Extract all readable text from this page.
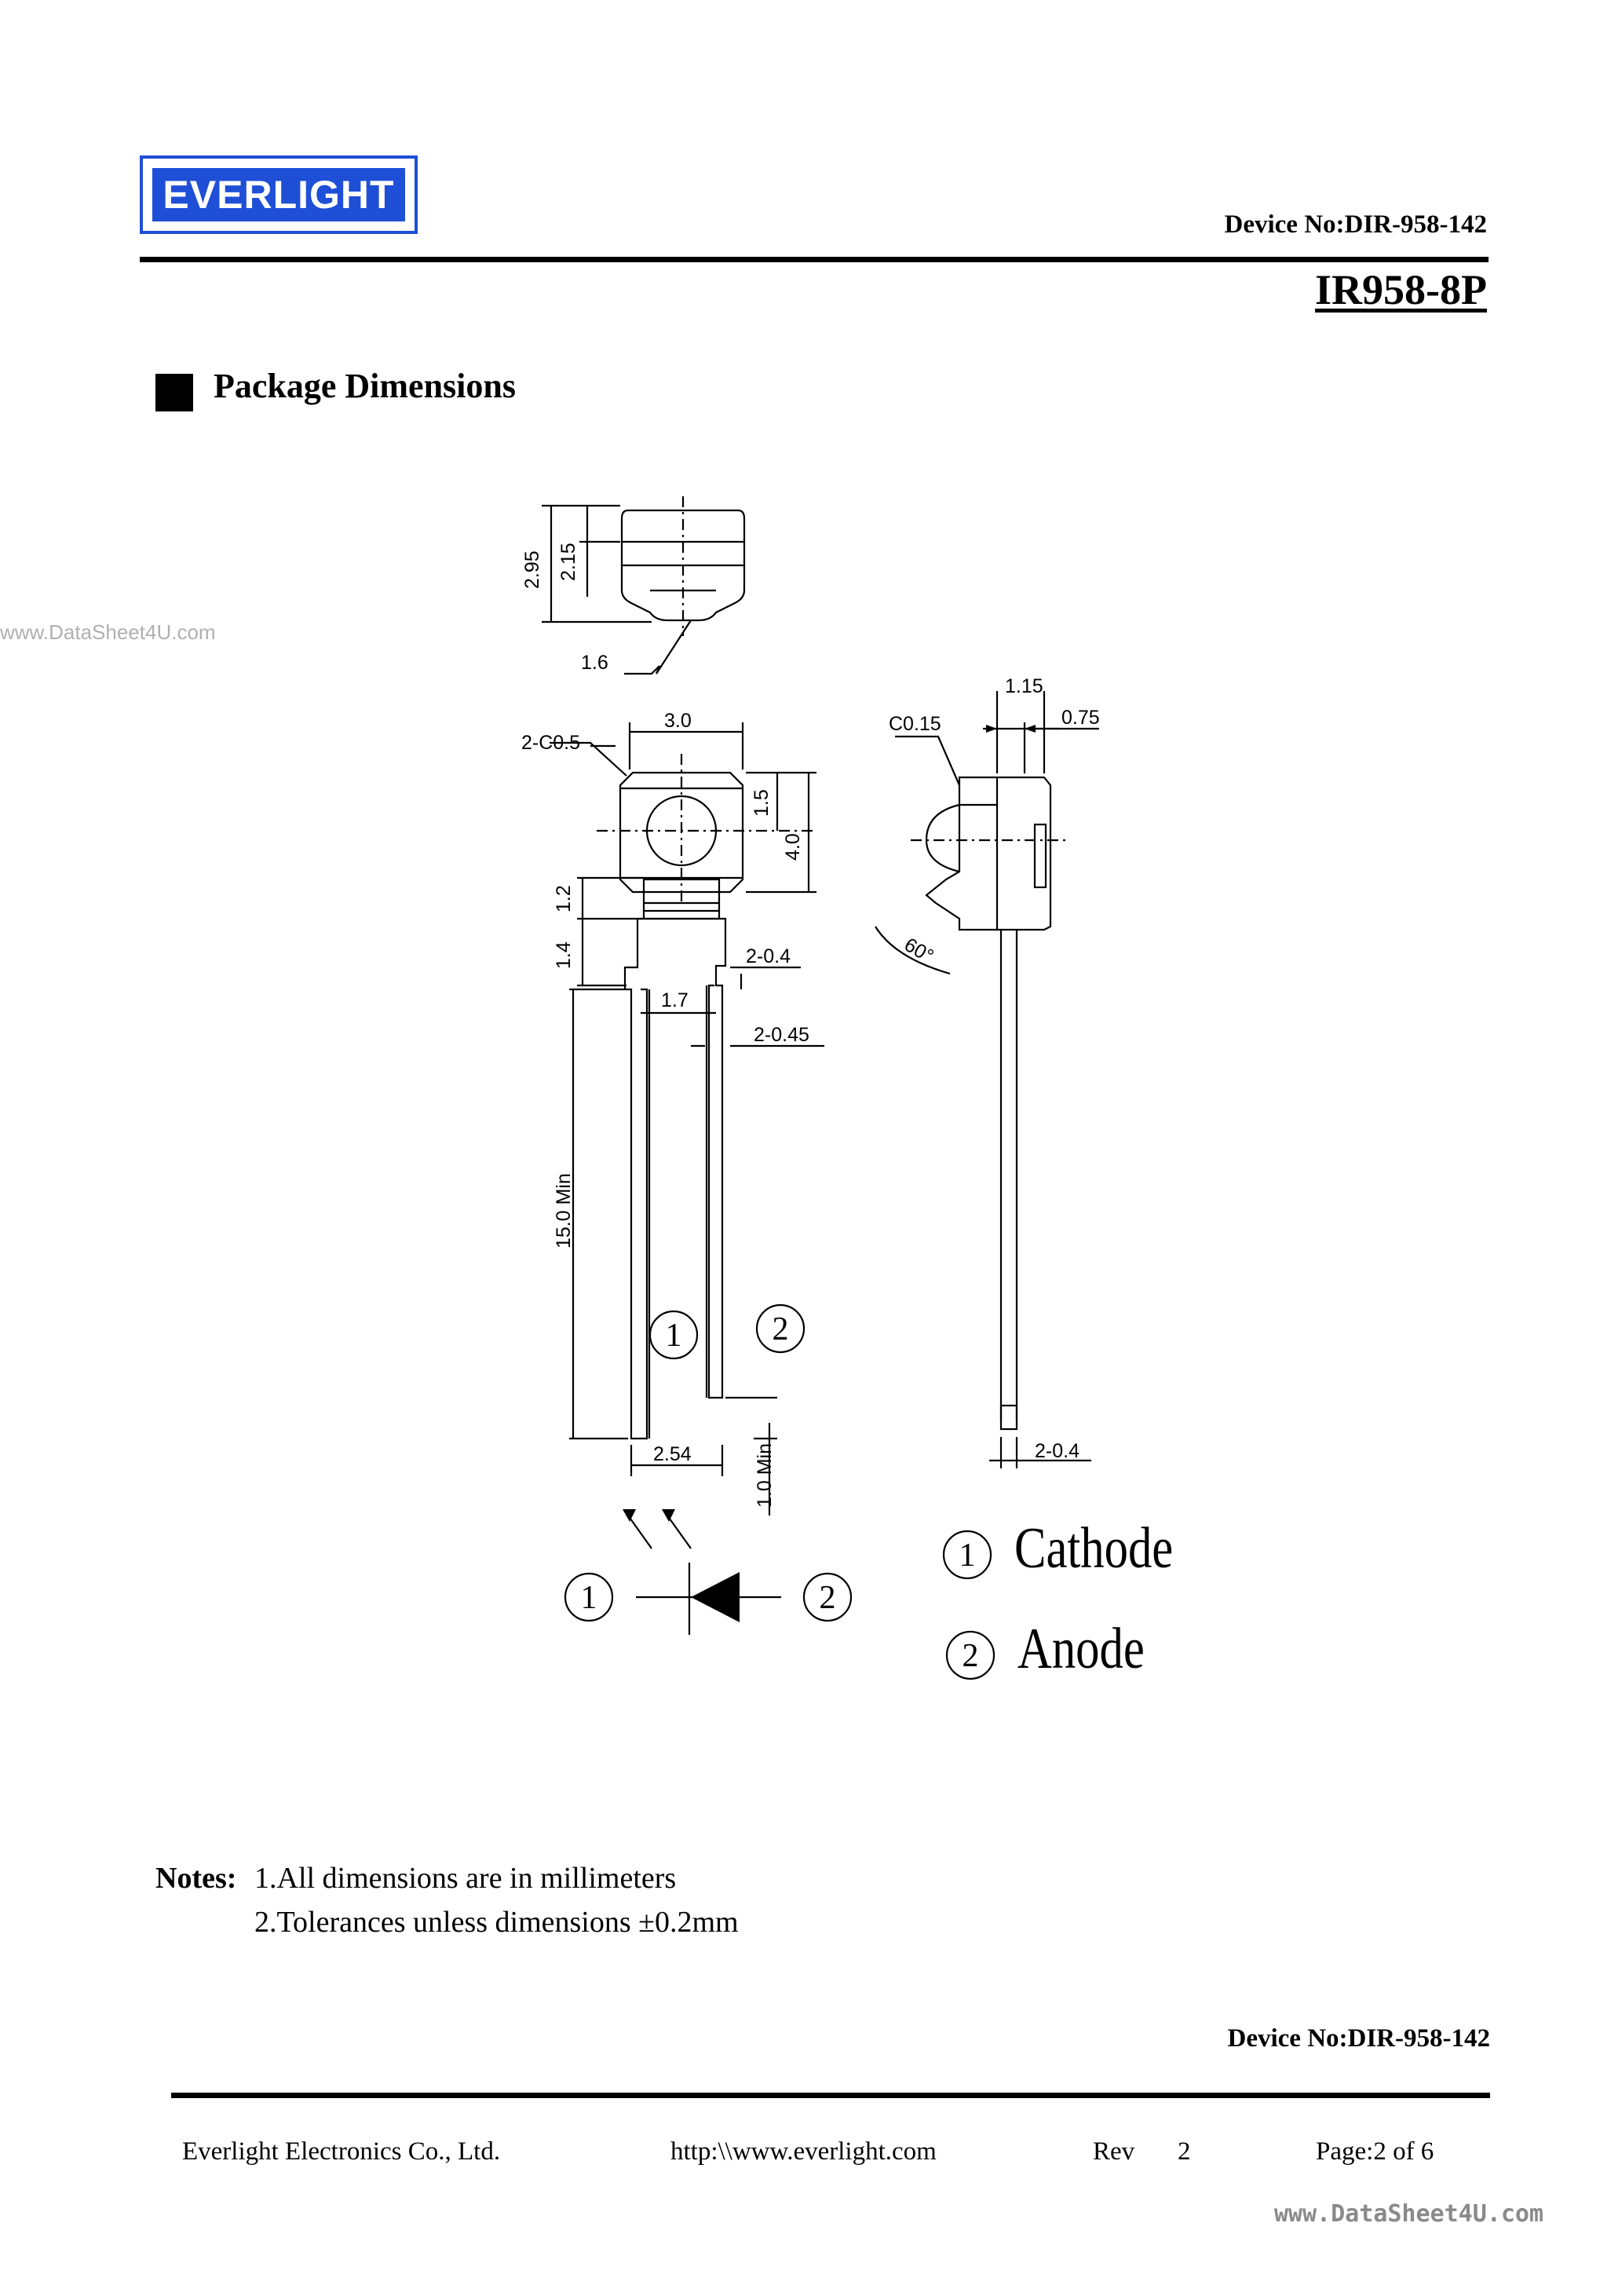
EVERLIGHT
Device No:DIR-958-142
IR958-8P
Package Dimensions
www.DataSheet4U.com
2.95 2.15
1.6
2-C0.5
3.0
1.5
4.0
1.2
1.4	2-0.4
1.7
2-0.45
15.0 Min
2.54	1.0 Min
C0.15
1.15
0.75
60°
2-0.4
1	2
1	2
1
2
Cathode
Anode
Notes: 1.All dimensions are in millimeters
2.Tolerances unless dimensions ±0.2mm
Device No:DIR-958-142
Everlight Electronics Co., Ltd.	http:\\www.everlight.com	Rev 2	Page:2 of 6
www.DataSheet4U.com
